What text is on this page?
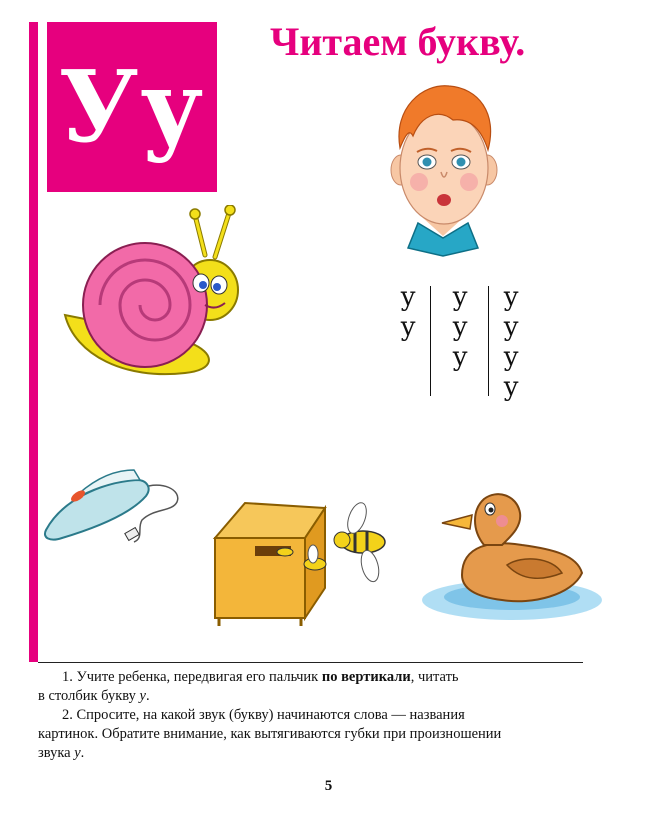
Уу
Читаем букву.
у
у
у
у
у
у
у
у
у

1. Учите ребенка, передвигая его пальчик по вертикали, читать

в столбик букву у.

2. Спросите, на какой звук (букву) начинаются слова — названия

картинок. Обратите внимание, как вытягиваются губки при произношении

звука у.

5
